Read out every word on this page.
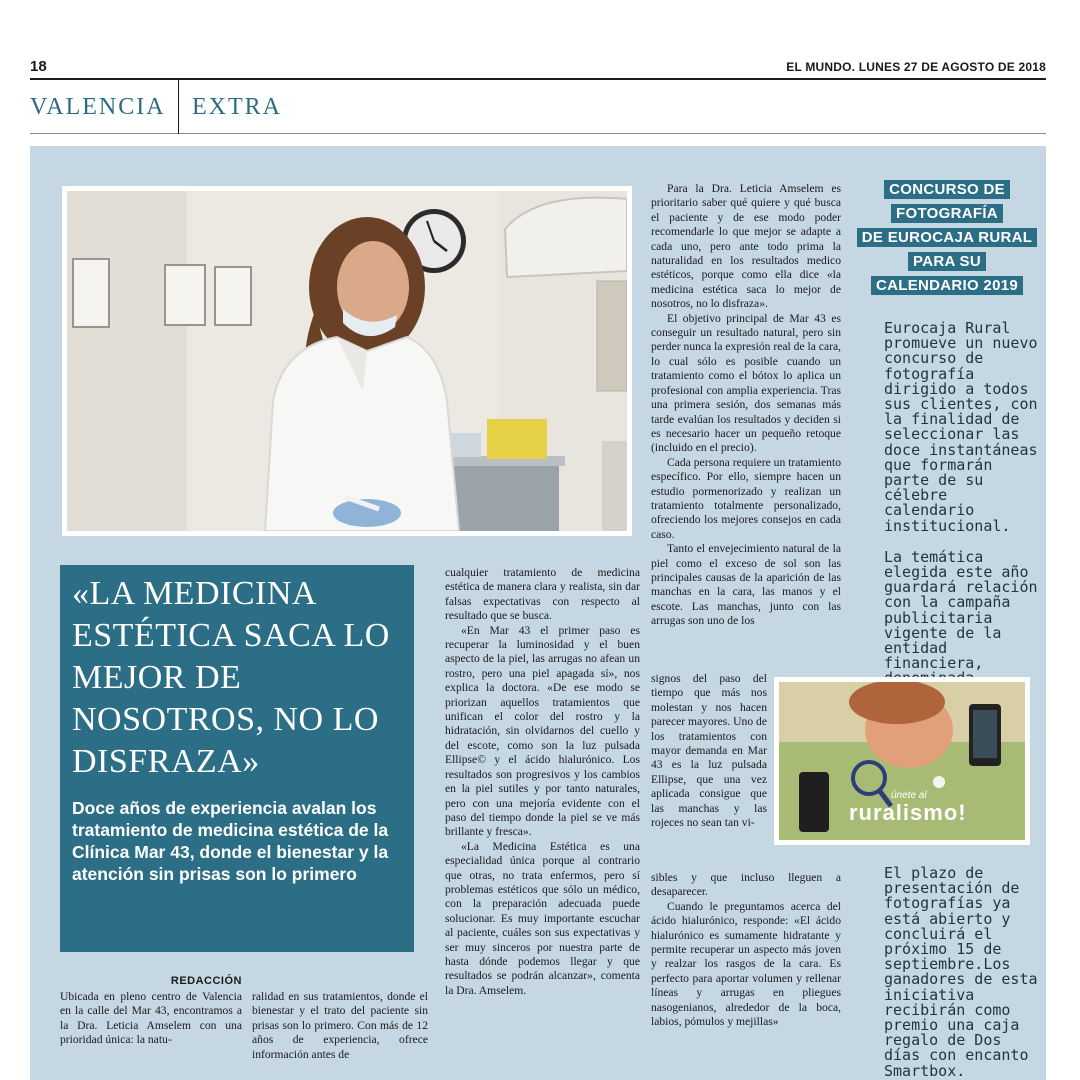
18	EL MUNDO. LUNES 27 DE AGOSTO DE 2018
VALENCIA EXTRA
«LA MEDICINA ESTÉTICA SACA LO MEJOR DE NOSOTROS, NO LO DISFRAZA»
Doce años de experiencia avalan los tratamiento de medicina estética de la Clínica Mar 43, donde el bienestar y la atención sin prisas son lo primero
REDACCIÓN

Ubicada en pleno centro de Valencia en la calle del Mar 43, encontramos a la Dra. Leticia Amselem con una prioridad única: la natu-

ralidad en sus tratamientos, donde el bienestar y el trato del paciente sin prisas son lo primero. Con más de 12 años de experiencia, ofrece información antes de

cualquier tratamiento de medicina estética de manera clara y realista, sin dar falsas expectativas con respecto al resultado que se busca.

«En Mar 43 el primer paso es recuperar la luminosidad y el buen aspecto de la piel, las arrugas no afean un rostro, pero una piel apagada sí», nos explica la doctora. «De ese modo se priorizan aquellos tratamientos que unifican el color del rostro y la hidratación, sin olvidarnos del cuello y del escote, como son la luz pulsada Ellipse© y el ácido hialurónico. Los resultados son progresivos y los cambios en la piel sutiles y por tanto naturales, pero con una mejoría evidente con el paso del tiempo donde la piel se ve más brillante y fresca».

«La Medicina Estética es una especialidad única porque al contrario que otras, no trata enfermos, pero sí problemas estéticos que sólo un médico, con la preparación adecuada puede solucionar. Es muy importante escuchar al paciente, cuáles son sus expectativas y ser muy sinceros por nuestra parte de hasta dónde podemos llegar y que resultados se podrán alcanzar», comenta la Dra. Amselem.

Para la Dra. Leticia Amselem es prioritario saber qué quiere y qué busca el paciente y de ese modo poder recomendarle lo que mejor se adapte a cada uno, pero ante todo prima la naturalidad en los resultados medico estéticos, porque como ella dice «la medicina estética saca lo mejor de nosotros, no lo disfraza».

El objetivo principal de Mar 43 es conseguir un resultado natural, pero sin perder nunca la expresión real de la cara, lo cual sólo es posible cuando un tratamiento como el bótox lo aplica un profesional con amplia experiencia. Tras una primera sesión, dos semanas más tarde evalúan los resultados y deciden si es necesario hacer un pequeño retoque (incluido en el precio).

Cada persona requiere un tratamiento específico. Por ello, siempre hacen un estudio pormenorizado y realizan un tratamiento totalmente personalizado, ofreciendo los mejores consejos en cada caso.

Tanto el envejecimiento natural de la piel como el exceso de sol son las principales causas de la aparición de las manchas en la cara, las manos y el escote. Las manchas, junto con las arrugas son uno de los

signos del paso del tiempo que más nos molestan y nos hacen parecer mayores. Uno de los tratamientos con mayor demanda en Mar 43 es la luz pulsada Ellipse, que una vez aplicada consigue que las manchas y las rojeces no sean tan vi-

sibles y que incluso lleguen a desaparecer.

Cuando le preguntamos acerca del ácido hialurónico, responde: «El ácido hialurónico es sumamente hidratante y permite recuperar un aspecto más joven y realzar los rasgos de la cara. Es perfecto para aportar volumen y rellenar líneas y arrugas en pliegues nasogenianos, alrededor de la boca, labios, pómulos y mejillas»

CONCURSO DE
FOTOGRAFÍA
DE EUROCAJA RURAL
PARA SU
CALENDARIO 2019
Eurocaja Rural promueve un nuevo concurso de fotografía dirigido a todos sus clientes, con la finalidad de seleccionar las doce instantáneas que formarán parte de su célebre calendario institucional.
La temática elegida este año guardará relación con la campaña publicitaria vigente de la entidad financiera,
únete al
ruralismo!
El plazo de presentación de fotografías ya está abierto y concluirá el próximo 15 de septiembre.Los ganadores de esta iniciativa recibirán como premio una caja regalo de Dos días con encanto Smartbox.
